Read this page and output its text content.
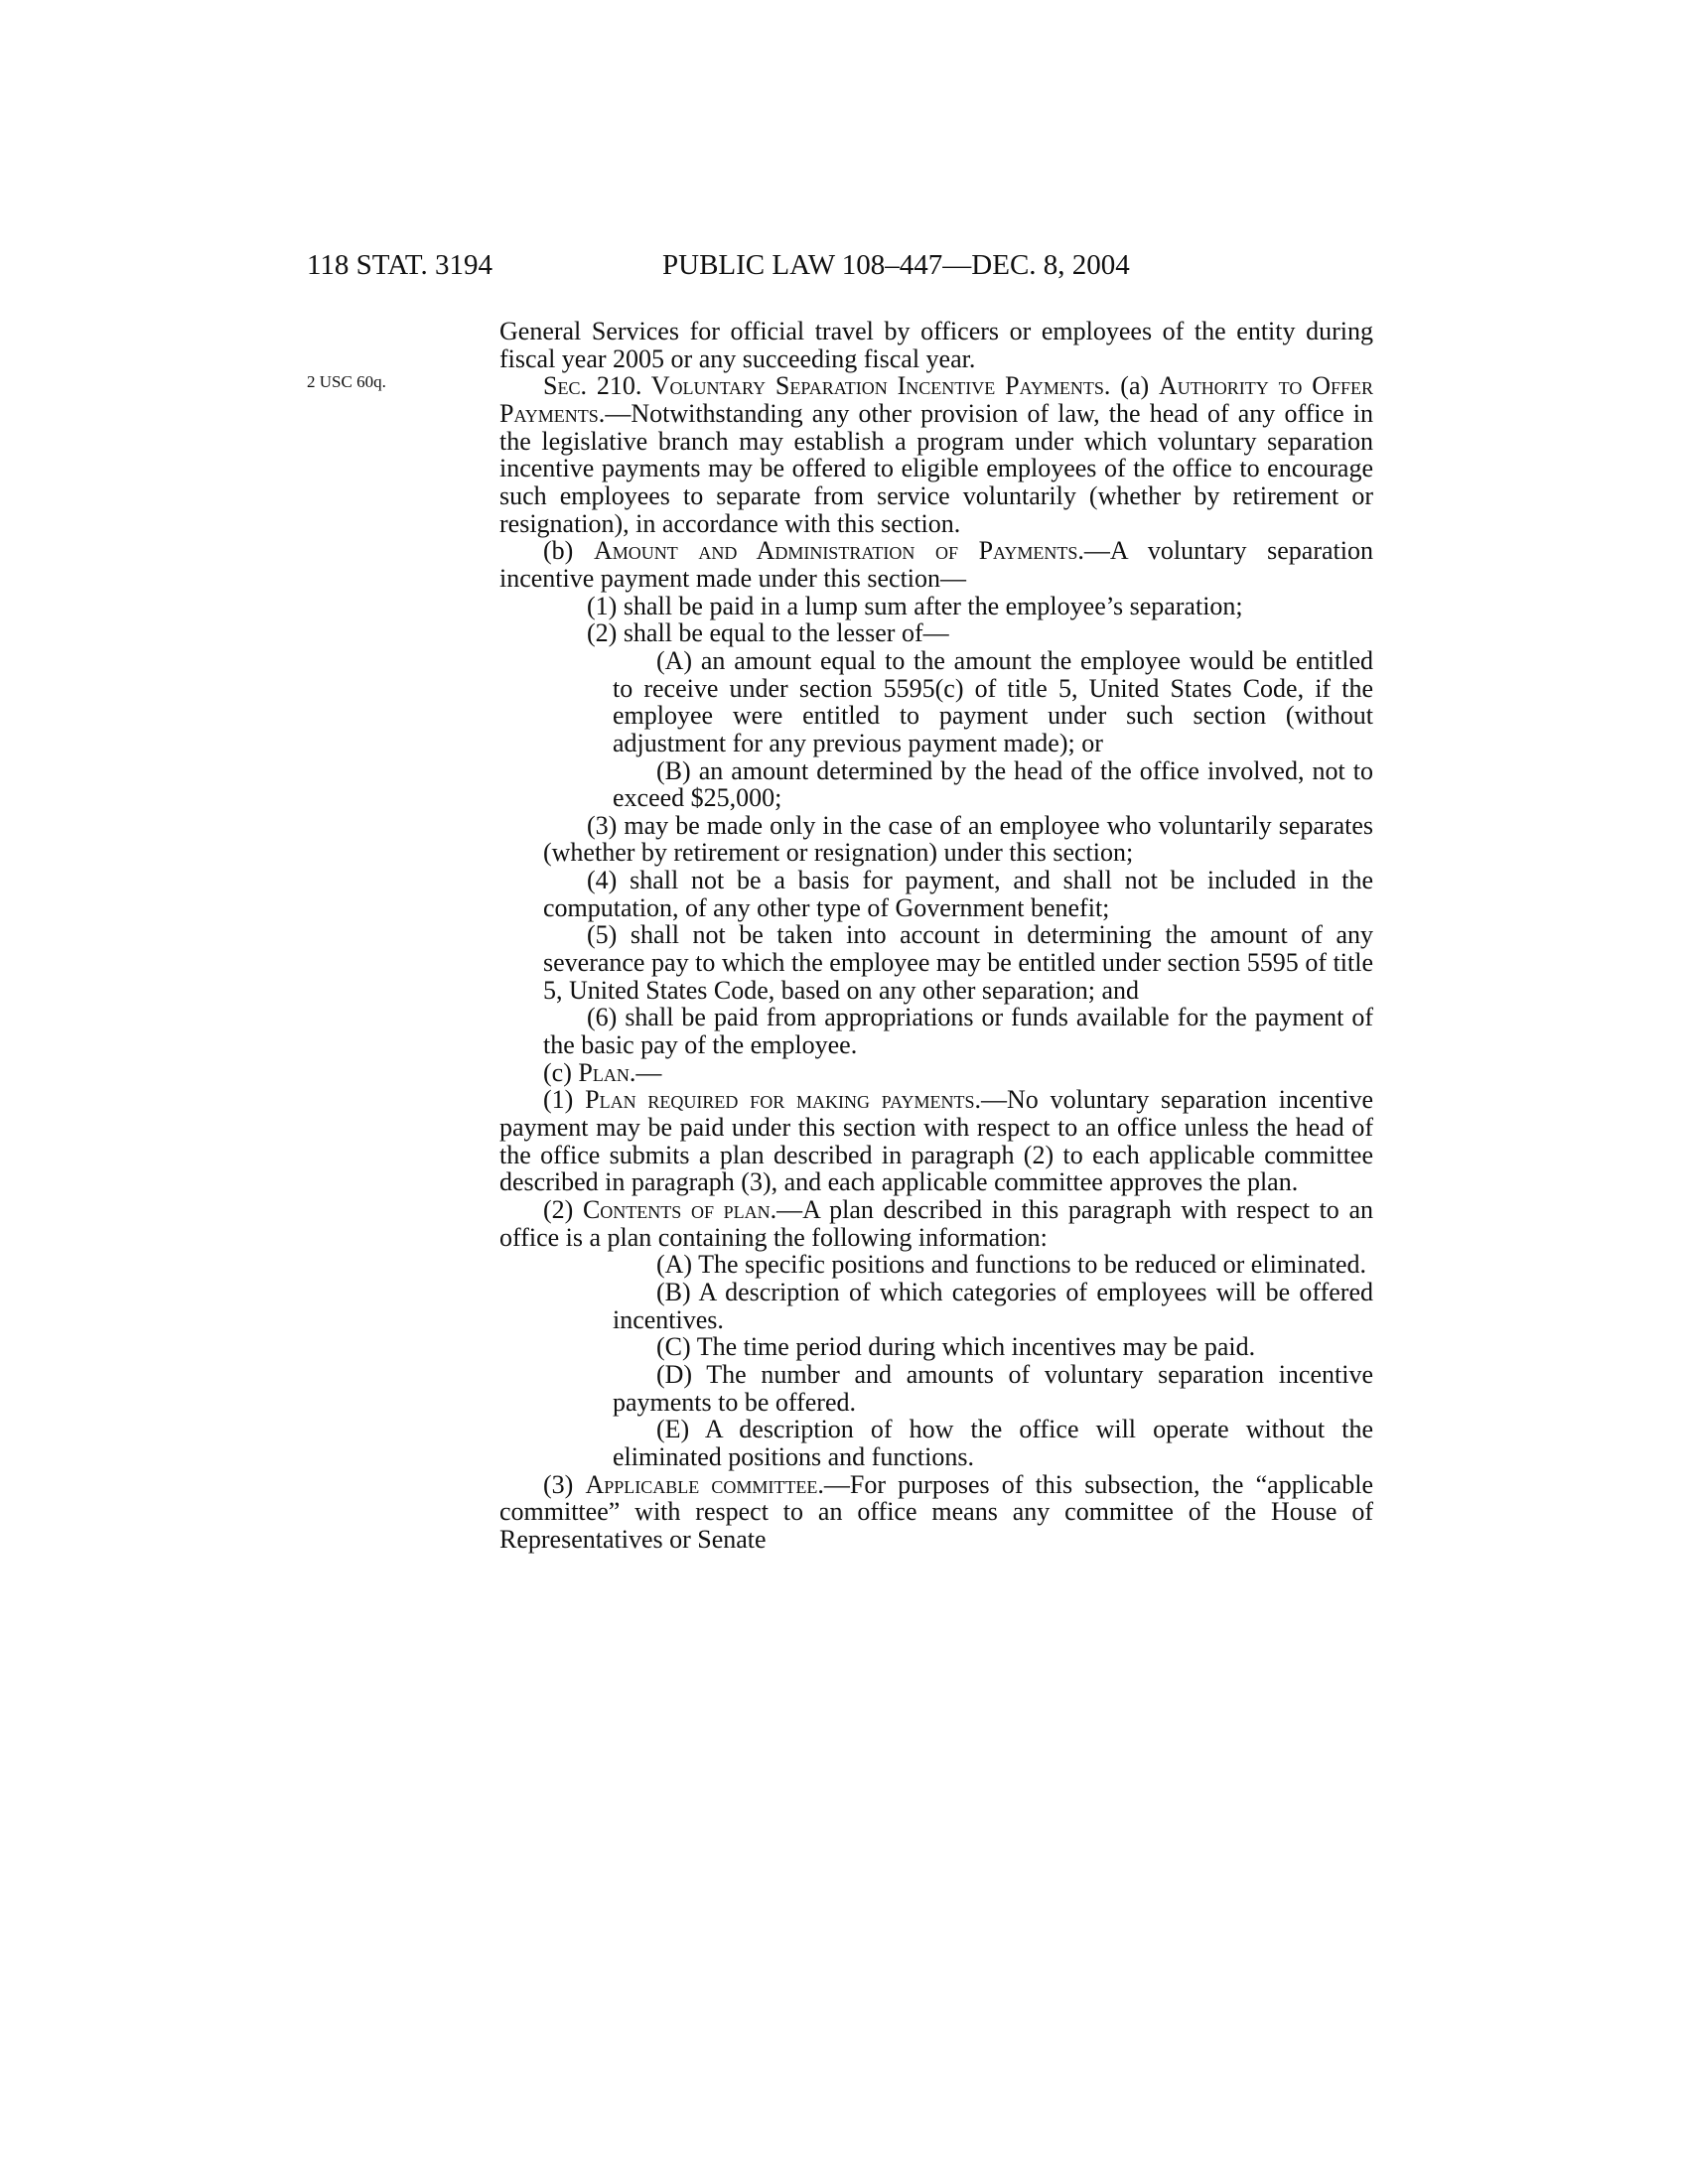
118 STAT. 3194	PUBLIC LAW 108–447—DEC. 8, 2004
2 USC 60q.

General Services for official travel by officers or employees of the entity during fiscal year 2005 or any succeeding fiscal year.

Sec. 210. Voluntary Separation Incentive Payments. (a) Authority to Offer Payments.—Notwithstanding any other provision of law, the head of any office in the legislative branch may establish a program under which voluntary separation incentive payments may be offered to eligible employees of the office to encourage such employees to separate from service voluntarily (whether by retirement or resignation), in accordance with this section.

(b) Amount and Administration of Payments.—A voluntary separation incentive payment made under this section—

(1) shall be paid in a lump sum after the employee’s separation;

(2) shall be equal to the lesser of—

(A) an amount equal to the amount the employee would be entitled to receive under section 5595(c) of title 5, United States Code, if the employee were entitled to payment under such section (without adjustment for any previous payment made); or

(B) an amount determined by the head of the office involved, not to exceed $25,000;

(3) may be made only in the case of an employee who voluntarily separates (whether by retirement or resignation) under this section;

(4) shall not be a basis for payment, and shall not be included in the computation, of any other type of Government benefit;

(5) shall not be taken into account in determining the amount of any severance pay to which the employee may be entitled under section 5595 of title 5, United States Code, based on any other separation; and

(6) shall be paid from appropriations or funds available for the payment of the basic pay of the employee.

(c) Plan.—

(1) Plan required for making payments.—No voluntary separation incentive payment may be paid under this section with respect to an office unless the head of the office submits a plan described in paragraph (2) to each applicable committee described in paragraph (3), and each applicable committee approves the plan.

(2) Contents of plan.—A plan described in this paragraph with respect to an office is a plan containing the following information:

(A) The specific positions and functions to be reduced or eliminated.

(B) A description of which categories of employees will be offered incentives.

(C) The time period during which incentives may be paid.

(D) The number and amounts of voluntary separation incentive payments to be offered.

(E) A description of how the office will operate without the eliminated positions and functions.

(3) Applicable committee.—For purposes of this subsection, the “applicable committee” with respect to an office means any committee of the House of Representatives or Senate
